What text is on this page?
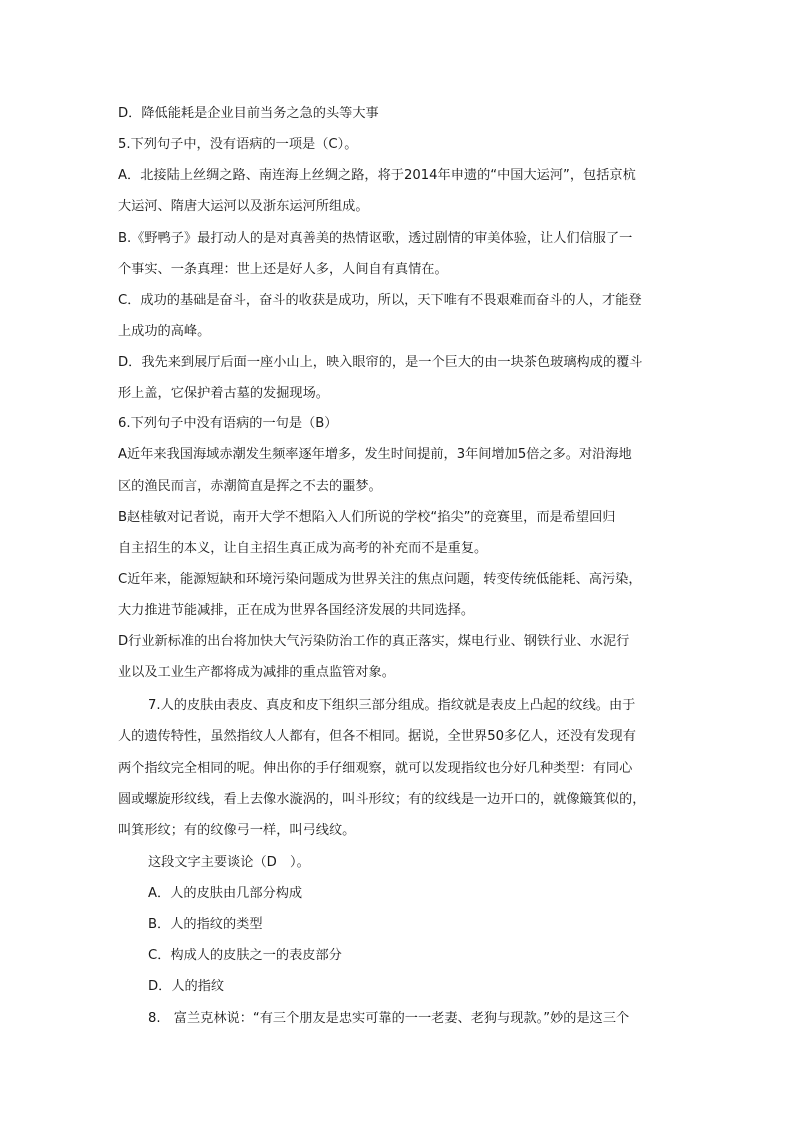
D．降低能耗是企业目前当务之急的头等大事
5.下列句子中，没有语病的一项是（C）。
A．北接陆上丝绸之路、南连海上丝绸之路，将于2014年申遗的“中国大运河”，包括京杭
大运河、隋唐大运河以及浙东运河所组成。
B.《野鸭子》最打动人的是对真善美的热情讴歌，透过剧情的审美体验，让人们信服了一
个事实、一条真理：世上还是好人多，人间自有真情在。
C．成功的基础是奋斗，奋斗的收获是成功，所以，天下唯有不畏艰难而奋斗的人，才能登
上成功的高峰。
D．我先来到展厅后面一座小山上，映入眼帘的，是一个巨大的由一块茶色玻璃构成的覆斗
形上盖，它保护着古墓的发掘现场。
6.下列句子中没有语病的一句是（B）
A近年来我国海域赤潮发生频率逐年增多，发生时间提前，3年间增加5倍之多。对沿海地
区的渔民而言，赤潮简直是挥之不去的噩梦。
B赵桂敏对记者说，南开大学不想陷入人们所说的学校“掐尖”的竞赛里，而是希望回归
自主招生的本义，让自主招生真正成为高考的补充而不是重复。
C近年来，能源短缺和环境污染问题成为世界关注的焦点问题，转变传统低能耗、高污染，
大力推进节能减排，正在成为世界各国经济发展的共同选择。
D行业新标准的出台将加快大气污染防治工作的真正落实，煤电行业、钢铁行业、水泥行
业以及工业生产都将成为减排的重点监管对象。
7.人的皮肤由表皮、真皮和皮下组织三部分组成。指纹就是表皮上凸起的纹线。由于
人的遗传特性，虽然指纹人人都有，但各不相同。据说，全世界50多亿人，还没有发现有
两个指纹完全相同的呢。伸出你的手仔细观察，就可以发现指纹也分好几种类型：有同心
圆或螺旋形纹线，看上去像水漩涡的，叫斗形纹；有的纹线是一边开口的，就像簸箕似的，
叫箕形纹；有的纹像弓一样，叫弓线纹。
这段文字主要谈论（D　）。
A．人的皮肤由几部分构成
B．人的指纹的类型
C．构成人的皮肤之一的表皮部分
D．人的指纹
8.　富兰克林说：“有三个朋友是忠实可靠的一一老妻、老狗与现款。”妙的是这三个
